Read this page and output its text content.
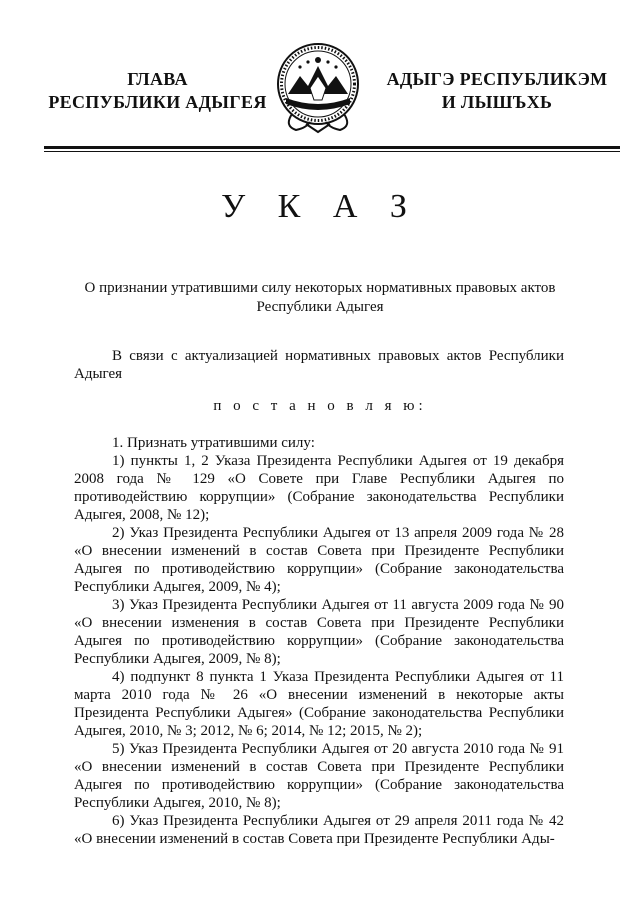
ГЛАВА
РЕСПУБЛИКИ АДЫГЕЯ
АДЫГЭ РЕСПУБЛИКЭМ
И ЛЫШЪХЬ
У К А З
О признании утратившими силу некоторых нормативных правовых актов Республики Адыгея

В связи с актуализацией нормативных правовых актов Республики Адыгея

п о с т а н о в л я ю:

1. Признать утратившими силу:

1) пункты 1, 2 Указа Президента Республики Адыгея от 19 декабря 2008 года № 129 «О Совете при Главе Республики Адыгея по противодействию коррупции» (Собрание законодательства Республики Адыгея, 2008, № 12);

2) Указ Президента Республики Адыгея от 13 апреля 2009 года № 28 «О внесении изменений в состав Совета при Президенте Республики Адыгея по противодействию коррупции» (Собрание законодательства Республики Адыгея, 2009, № 4);

3) Указ Президента Республики Адыгея от 11 августа 2009 года № 90 «О внесении изменения в состав Совета при Президенте Республики Адыгея по противодействию коррупции» (Собрание законодательства Республики Адыгея, 2009, № 8);

4) подпункт 8 пункта 1 Указа Президента Республики Адыгея от 11 марта 2010 года № 26 «О внесении изменений в некоторые акты Президента Республики Адыгея» (Собрание законодательства Республики Адыгея, 2010, № 3; 2012, № 6; 2014, № 12; 2015, № 2);

5) Указ Президента Республики Адыгея от 20 августа 2010 года № 91 «О внесении изменений в состав Совета при Президенте Республики Адыгея по противодействию коррупции» (Собрание законодательства Республики Адыгея, 2010, № 8);

6) Указ Президента Республики Адыгея от 29 апреля 2011 года № 42 «О внесении изменений в состав Совета при Президенте Республики Ады-
